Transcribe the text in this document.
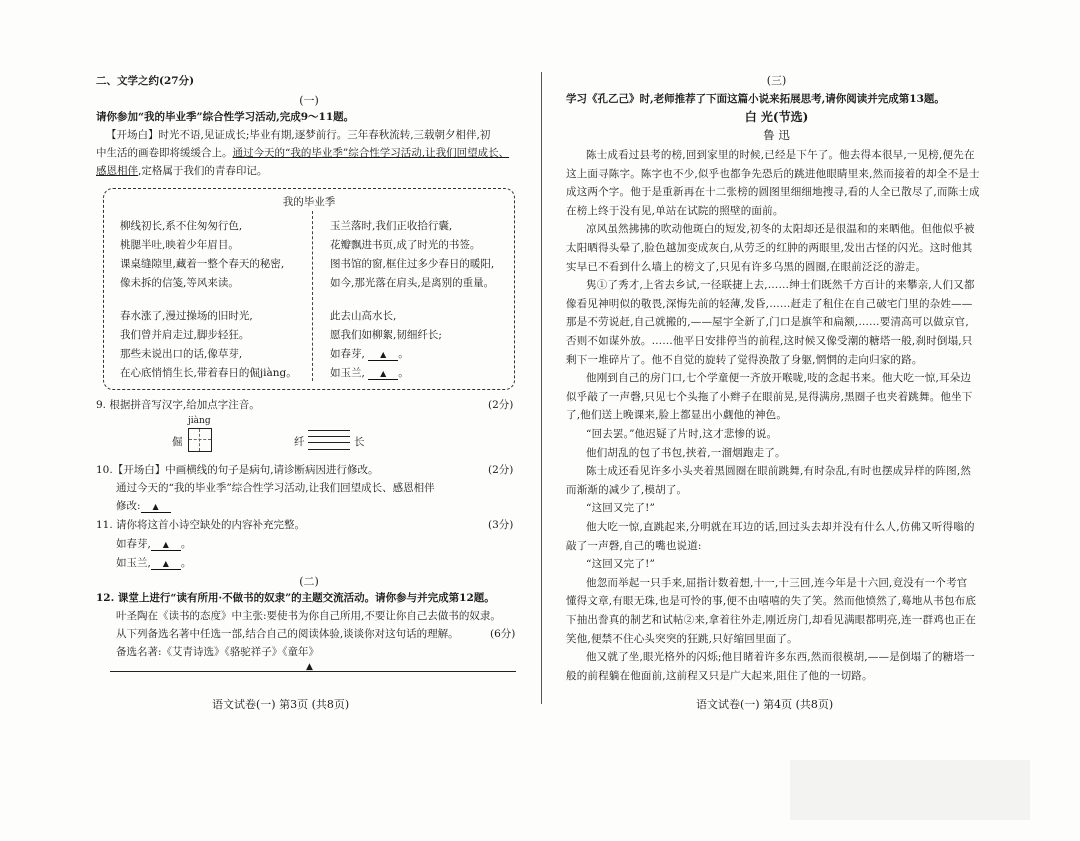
二、文学之约(27分)
(一)
请你参加“我的毕业季”综合性学习活动,完成9～11题。
【开场白】时光不语,见证成长;毕业有期,逐梦前行。三年春秋流转,三载朝夕相伴,初
中生活的画卷即将缓缓合上。通过今天的“我的毕业季”综合性学习活动,让我们回望成长、
感恩相伴,定格属于我们的青春印记。
我的毕业季
柳线初长,系不住匆匆行色,
桃腮半吐,映着少年眉目。
课桌缝隙里,藏着一整个春天的秘密,
像未拆的信笺,等风来读。
春水涨了,漫过操场的旧时光,
我们曾并肩走过,脚步轻狂。
那些未说出口的话,像草芽,
在心底悄悄生长,带着春日的倔jiàng。
玉兰落时,我们正收拾行囊,
花瓣飘进书页,成了时光的书签。
图书馆的窗,框住过多少春日的暖阳,
如今,那光落在肩头,是离别的重量。
此去山高水长,
愿我们如柳絮,韧细纤长;
如春芽, ▲ 。
如玉兰, ▲ 。
9. 根据拼音写汉字,给加点字注音。	(2分)
jiàng
倔	纤	长
10.【开场白】中画横线的句子是病句,请诊断病因进行修改。	(2分)
通过今天的“我的毕业季”综合性学习活动,让我们回望成长、感恩相伴
修改: ▲
11. 请你将这首小诗空缺处的内容补充完整。	(3分)
如春芽, ▲ 。
如玉兰, ▲ 。
(二)
12. 课堂上进行“读有所用·不做书的奴隶”的主题交流活动。请你参与并完成第12题。
叶圣陶在《读书的态度》中主张:要使书为你自己所用,不要让你自己去做书的奴隶。
从下列备选名著中任选一部,结合自己的阅读体验,谈谈你对这句话的理解。	(6分)
备选名著:《艾青诗选》《骆驼祥子》《童年》
▲
语文试卷(一) 第3页 (共8页)
(三)
学习《孔乙己》时,老师推荐了下面这篇小说来拓展思考,请你阅读并完成第13题。
白 光(节选)
鲁 迅
陈士成看过县考的榜,回到家里的时候,已经是下午了。他去得本很早,一见榜,便先在
这上面寻陈字。陈字也不少,似乎也都争先恐后的跳进他眼睛里来,然而接着的却全不是士
成这两个字。他于是重新再在十二张榜的圆图里细细地搜寻,看的人全已散尽了,而陈士成
在榜上终于没有见,单站在试院的照壁的面前。
凉风虽然拂拂的吹动他斑白的短发,初冬的太阳却还是很温和的来晒他。但他似乎被
太阳晒得头晕了,脸色越加变成灰白,从劳乏的红肿的两眼里,发出古怪的闪光。这时他其
实早已不看到什么墙上的榜文了,只见有许多乌黑的圆圈,在眼前泛泛的游走。
隽①了秀才,上省去乡试,一径联捷上去,……绅士们既然千方百计的来攀亲,人们又都
像看见神明似的敬畏,深悔先前的轻薄,发昏,……赶走了租住在自己破宅门里的杂姓——
那是不劳说赶,自己就搬的,——屋宇全新了,门口是旗竿和扁额,……要清高可以做京官,
否则不如谋外放。……他平日安排停当的前程,这时候又像受潮的糖塔一般,刹时倒塌,只
剩下一堆碎片了。他不自觉的旋转了觉得涣散了身躯,惘惘的走向归家的路。
他刚到自己的房门口,七个学童便一齐放开喉咙,吱的念起书来。他大吃一惊,耳朵边
似乎敲了一声磬,只见七个头拖了小辫子在眼前晃,晃得满房,黑圈子也夹着跳舞。他坐下
了,他们送上晚课来,脸上都显出小觑他的神色。
“回去罢。”他迟疑了片时,这才悲惨的说。
他们胡乱的包了书包,挟着,一溜烟跑走了。
陈士成还看见许多小头夹着黑圆圈在眼前跳舞,有时杂乱,有时也摆成异样的阵图,然
而渐渐的减少了,模胡了。
“这回又完了!”
他大吃一惊,直跳起来,分明就在耳边的话,回过头去却并没有什么人,仿佛又听得嗡的
敲了一声磬,自己的嘴也说道:
“这回又完了!”
他忽而举起一只手来,屈指计数着想,十一,十三回,连今年是十六回,竟没有一个考官
懂得文章,有眼无珠,也是可怜的事,便不由嘻嘻的失了笑。然而他愤然了,蓦地从书包布底
下抽出誊真的制艺和试帖②来,拿着往外走,刚近房门,却看见满眼都明亮,连一群鸡也正在
笑他,便禁不住心头突突的狂跳,只好缩回里面了。
他又就了坐,眼光格外的闪烁;他目睹着许多东西,然而很模胡,——是倒塌了的糖塔一
般的前程躺在他面前,这前程又只是广大起来,阻住了他的一切路。
语文试卷(一) 第4页 (共8页)
